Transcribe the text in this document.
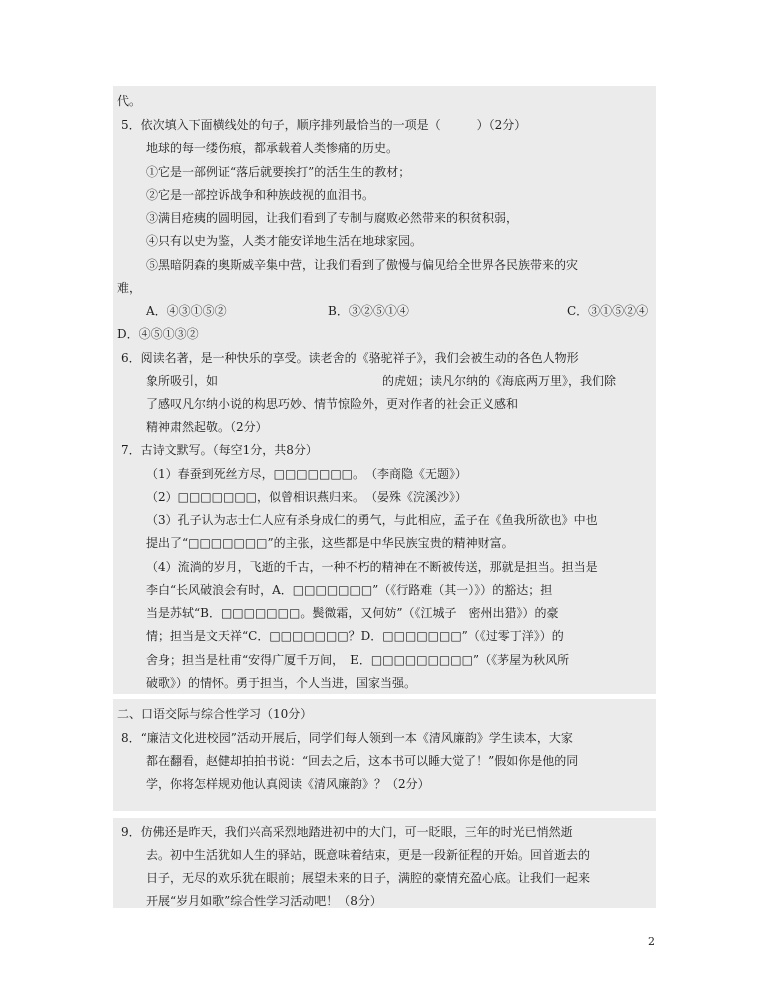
代。
5．依次填入下面横线处的句子，顺序排列最恰当的一项是（　　　）（2分）
地球的每一缕伤痕，都承载着人类惨痛的历史。
①它是一部例证“落后就要挨打”的活生生的教材；
②它是一部控诉战争和种族歧视的血泪书。
③满目疮痍的圆明园，让我们看到了专制与腐败必然带来的积贫积弱，
④只有以史为鉴，人类才能安详地生活在地球家园。
⑤黑暗阴森的奥斯威辛集中营，让我们看到了傲慢与偏见给全世界各民族带来的灾
难，
A．④③①⑤②	B．③②⑤①④	C．③①⑤②④
D．④⑤①③②
6．阅读名著，是一种快乐的享受。读老舍的《骆驼祥子》，我们会被生动的各色人物形
象所吸引，如	的虎妞；读凡尔纳的《海底两万里》，我们除
了感叹凡尔纳小说的构思巧妙、情节惊险外，更对作者的社会正义感和
精神肃然起敬。（2分）
7．古诗文默写。（每空1分，共8分）
（1）春蚕到死丝方尽，□□□□□□□。　（李商隐《无题》）
（2）□□□□□□□，似曾相识燕归来。　（晏殊《浣溪沙》）
（3）孔子认为志士仁人应有杀身成仁的勇气，与此相应，孟子在《鱼我所欲也》中也
提出了“□□□□□□□”的主张，这些都是中华民族宝贵的精神财富。
（4）流淌的岁月，飞逝的千古，一种不朽的精神在不断被传送，那就是担当。担当是
李白“长风破浪会有时，A．□□□□□□□”（《行路难（其一）》）的豁达；担
当是苏轼“B．□□□□□□□。鬓微霜，又何妨”（《江城子　密州出猎》）的豪
情；担当是文天祥“C．□□□□□□□？D．□□□□□□□”（《过零丁洋》）的
舍身；担当是杜甫“安得广厦千万间，　E．□□□□□□□□□”（《茅屋为秋风所
破歌》）的情怀。勇于担当，个人当进，国家当强。
二、口语交际与综合性学习（10分）
8．“廉洁文化进校园”活动开展后，同学们每人领到一本《清风廉韵》学生读本，大家
都在翻看，赵健却拍拍书说：“回去之后，这本书可以睡大觉了！”假如你是他的同
学，你将怎样规劝他认真阅读《清风廉韵》？（2分）
9．仿佛还是昨天，我们兴高采烈地踏进初中的大门，可一眨眼，三年的时光已悄然逝
去。初中生活犹如人生的驿站，既意味着结束，更是一段新征程的开始。回首逝去的
日子，无尽的欢乐犹在眼前；展望未来的日子，满腔的豪情充盈心底。让我们一起来
开展“岁月如歌”综合性学习活动吧！（8分）
2
